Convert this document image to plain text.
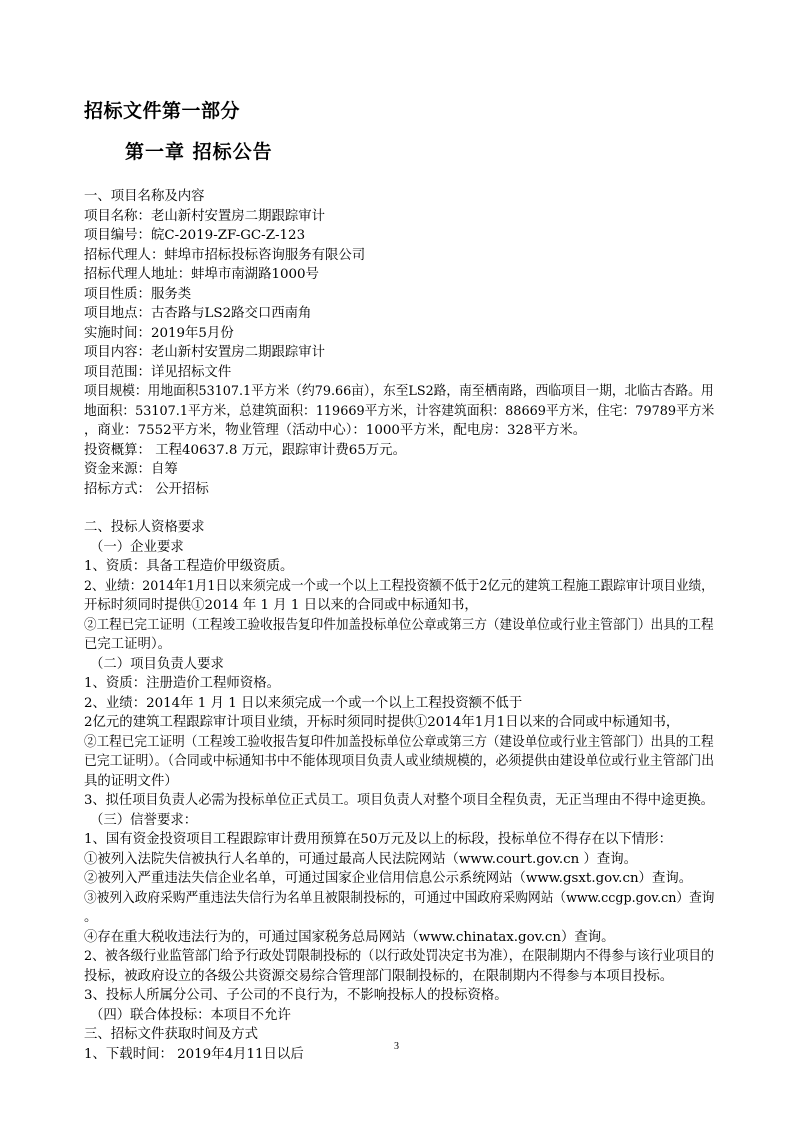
招标文件第一部分
第一章 招标公告

一、项目名称及内容

项目名称：老山新村安置房二期跟踪审计

项目编号：皖C-2019-ZF-GC-Z-123

招标代理人：蚌埠市招标投标咨询服务有限公司

招标代理人地址：蚌埠市南湖路1000号

项目性质：服务类

项目地点：古杏路与LS2路交口西南角

实施时间：2019年5月份

项目内容：老山新村安置房二期跟踪审计

项目范围：详见招标文件

项目规模：用地面积53107.1平方米（约79.66亩），东至LS2路，南至栖南路，西临项目一期，北临古杏路。用

地面积：53107.1平方米，总建筑面积：119669平方米，计容建筑面积：88669平方米，住宅：79789平方米

，商业：7552平方米，物业管理（活动中心）：1000平方米，配电房：328平方米。

投资概算： 工程40637.8 万元，跟踪审计费65万元。

资金来源：自筹

招标方式： 公开招标

二、投标人资格要求

（一）企业要求

1、资质：具备工程造价甲级资质。

2、业绩：2014年1月1日以来须完成一个或一个以上工程投资额不低于2亿元的建筑工程施工跟踪审计项目业绩，

开标时须同时提供①2014 年 1 月 1 日以来的合同或中标通知书，

②工程已完工证明（工程竣工验收报告复印件加盖投标单位公章或第三方（建设单位或行业主管部门）出具的工程

已完工证明）。

（二）项目负责人要求

1、资质：注册造价工程师资格。

2、业绩：2014年 1 月 1 日以来须完成一个或一个以上工程投资额不低于

2亿元的建筑工程跟踪审计项目业绩，开标时须同时提供①2014年1月1日以来的合同或中标通知书，

②工程已完工证明（工程竣工验收报告复印件加盖投标单位公章或第三方（建设单位或行业主管部门）出具的工程

已完工证明）。（合同或中标通知书中不能体现项目负责人或业绩规模的，必须提供由建设单位或行业主管部门出

具的证明文件）

3、拟任项目负责人必需为投标单位正式员工。项目负责人对整个项目全程负责，无正当理由不得中途更换。

（三）信誉要求：

1、国有资金投资项目工程跟踪审计费用预算在50万元及以上的标段，投标单位不得存在以下情形：

①被列入法院失信被执行人名单的，可通过最高人民法院网站（www.court.gov.cn ）查询。

②被列入严重违法失信企业名单，可通过国家企业信用信息公示系统网站（www.gsxt.gov.cn）查询。

③被列入政府采购严重违法失信行为名单且被限制投标的，可通过中国政府采购网站（www.ccgp.gov.cn）查询

。

④存在重大税收违法行为的，可通过国家税务总局网站（www.chinatax.gov.cn）查询。

2、被各级行业监管部门给予行政处罚限制投标的（以行政处罚决定书为准），在限制期内不得参与该行业项目的

投标，被政府设立的各级公共资源交易综合管理部门限制投标的，在限制期内不得参与本项目投标。

3、投标人所属分公司、子公司的不良行为，不影响投标人的投标资格。

（四）联合体投标：本项目不允许

三、招标文件获取时间及方式

1、下载时间： 2019年4月11日以后	3
